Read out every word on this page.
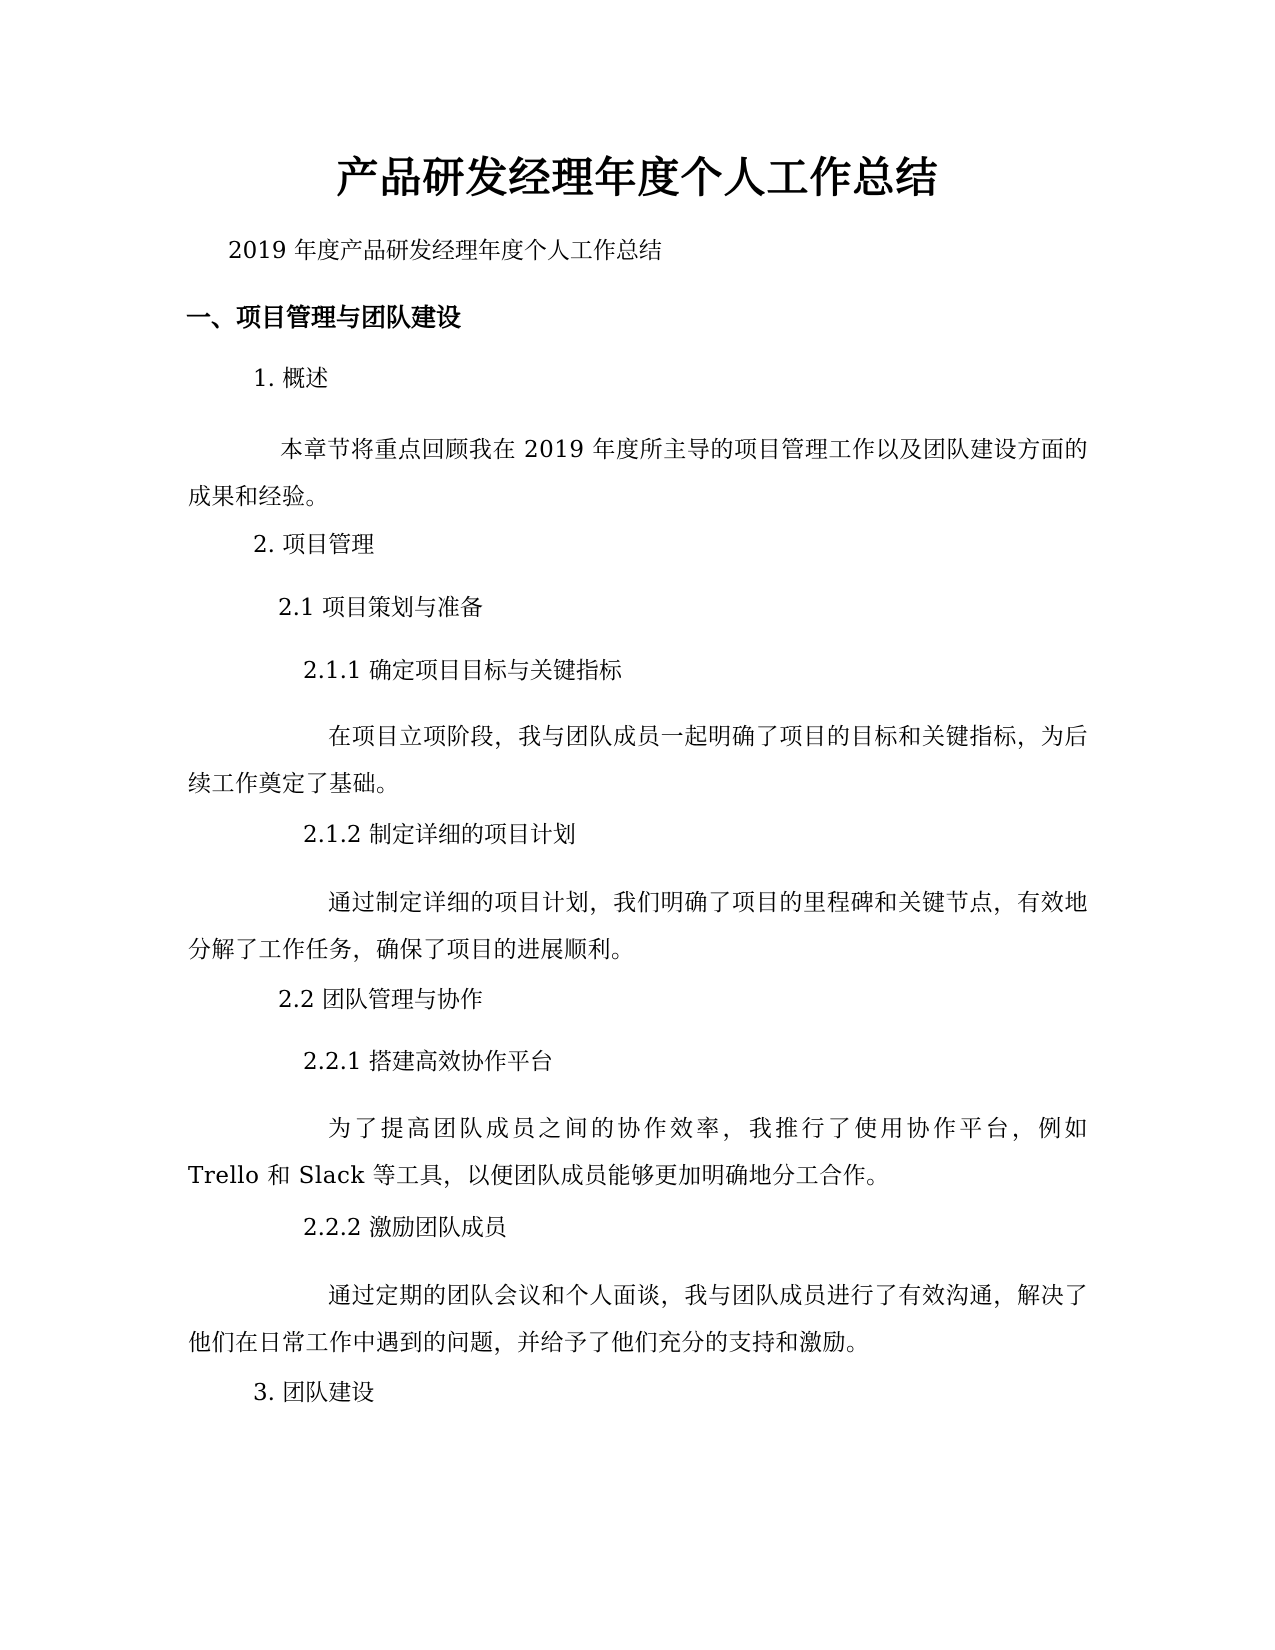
产品研发经理年度个人工作总结

2019 年度产品研发经理年度个人工作总结

一、项目管理与团队建设

1. 概述

本章节将重点回顾我在 2019 年度所主导的项目管理工作以及团队建设方面的成果和经验。

2. 项目管理

2.1 项目策划与准备

2.1.1 确定项目目标与关键指标

在项目立项阶段，我与团队成员一起明确了项目的目标和关键指标，为后续工作奠定了基础。

2.1.2 制定详细的项目计划

通过制定详细的项目计划，我们明确了项目的里程碑和关键节点，有效地分解了工作任务，确保了项目的进展顺利。

2.2 团队管理与协作

2.2.1 搭建高效协作平台

为了提高团队成员之间的协作效率，我推行了使用协作平台，例如 Trello 和 Slack 等工具，以便团队成员能够更加明确地分工合作。

2.2.2 激励团队成员

通过定期的团队会议和个人面谈，我与团队成员进行了有效沟通，解决了他们在日常工作中遇到的问题，并给予了他们充分的支持和激励。

3. 团队建设
